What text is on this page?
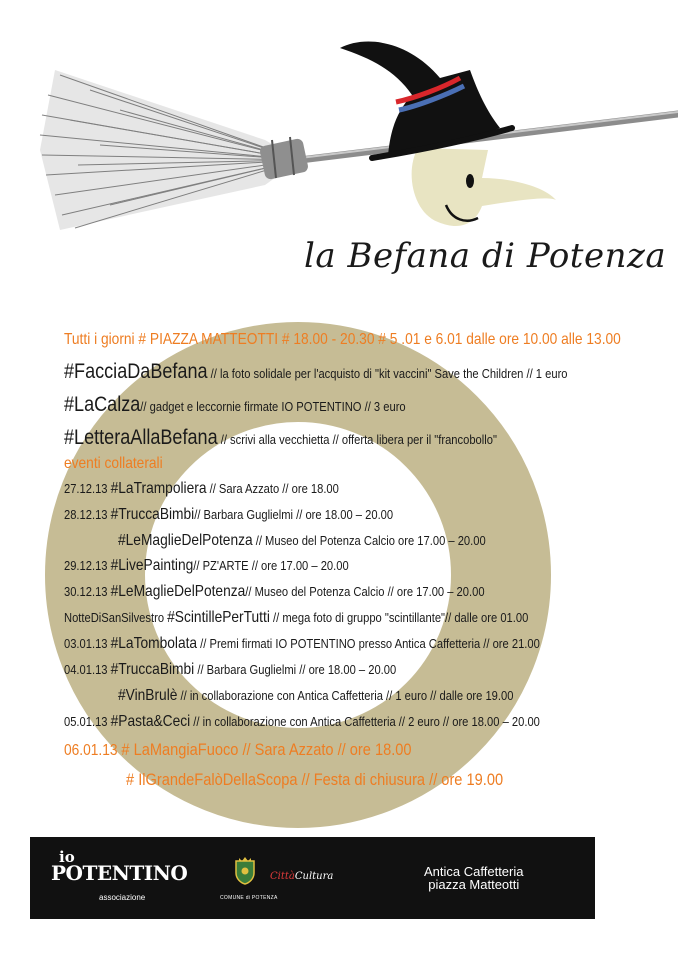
la Befana di Potenza
Tutti i giorni # PIAZZA MATTEOTTI # 18.00 - 20.30 # 5 .01 e 6.01 dalle ore 10.00 alle 13.00
#FacciaDaBefana // la foto solidale per l'acquisto di "kit vaccini" Save the Children // 1 euro
#LaCalza// gadget e leccornie firmate IO POTENTINO // 3 euro
#LetteraAllaBefana // scrivi alla vecchietta // offerta libera per il "francobollo"
eventi collaterali
27.12.13 #LaTrampoliera // Sara Azzato // ore 18.00
28.12.13 #TruccaBimbi// Barbara Guglielmi // ore 18.00 – 20.00
#LeMaglieDelPotenza // Museo del Potenza Calcio ore 17.00 – 20.00
29.12.13 #LivePainting// PZ'ARTE // ore 17.00 – 20.00
30.12.13 #LeMaglieDelPotenza// Museo del Potenza Calcio // ore 17.00 – 20.00
NotteDiSanSilvestro #ScintillePerTutti // mega foto di gruppo "scintillante"// dalle ore 01.00
03.01.13 #LaTombolata // Premi firmati IO POTENTINO presso Antica Caffetteria // ore 21.00
04.01.13 #TruccaBimbi // Barbara Guglielmi // ore 18.00 – 20.00
#VinBrulè // in collaborazione con Antica Caffetteria // 1 euro // dalle ore 19.00
05.01.13 #Pasta&Ceci // in collaborazione con Antica Caffetteria // 2 euro // ore 18.00 – 20.00
06.01.13 # LaMangiaFuoco // Sara Azzato // ore 18.00
# IlGrandeFalòDellaScopa // Festa di chiusura // ore 19.00
io
POTENTINO
associazione	COMUNE di POTENZA
CittàCultura	Antica Caffetteria
piazza Matteotti
